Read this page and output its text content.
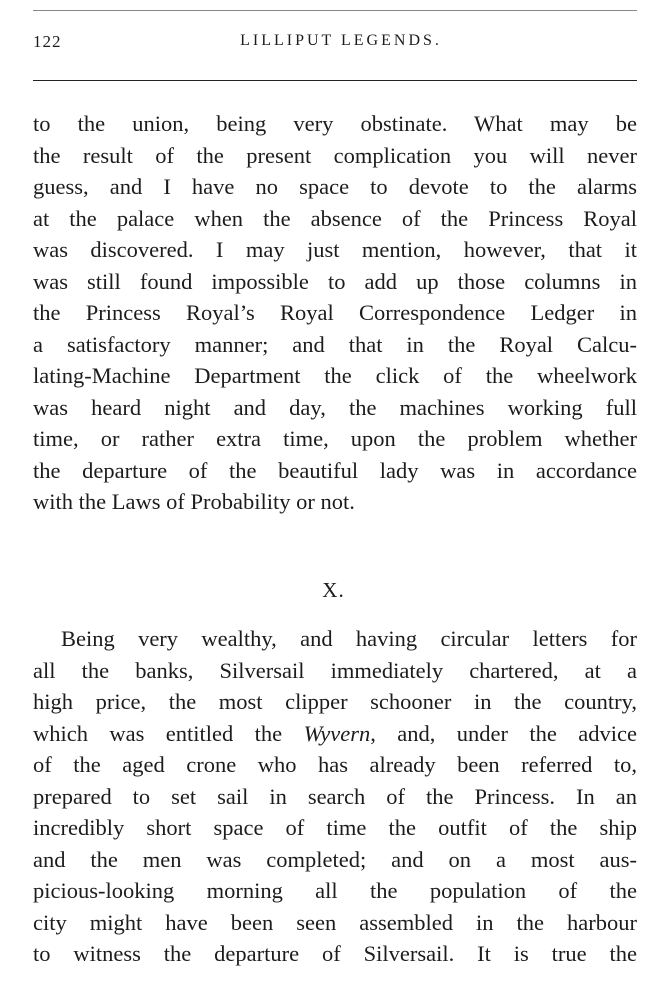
122	LILLIPUT LEGENDS.
to the union, being very obstinate. What may be
the result of the present complication you will never
guess, and I have no space to devote to the alarms
at the palace when the absence of the Princess Royal
was discovered. I may just mention, however, that it
was still found impossible to add up those columns in
the Princess Royal’s Royal Correspondence Ledger in
a satisfactory manner; and that in the Royal Calcu-
lating-Machine Department the click of the wheelwork
was heard night and day, the machines working full
time, or rather extra time, upon the problem whether
the departure of the beautiful lady was in accordance
with the Laws of Probability or not.
X.
Being very wealthy, and having circular letters for
all the banks, Silversail immediately chartered, at a
high price, the most clipper schooner in the country,
which was entitled the Wyvern, and, under the advice
of the aged crone who has already been referred to,
prepared to set sail in search of the Princess. In an
incredibly short space of time the outfit of the ship
and the men was completed; and on a most aus-
picious-looking morning all the population of the
city might have been seen assembled in the harbour
to witness the departure of Silversail. It is true the
